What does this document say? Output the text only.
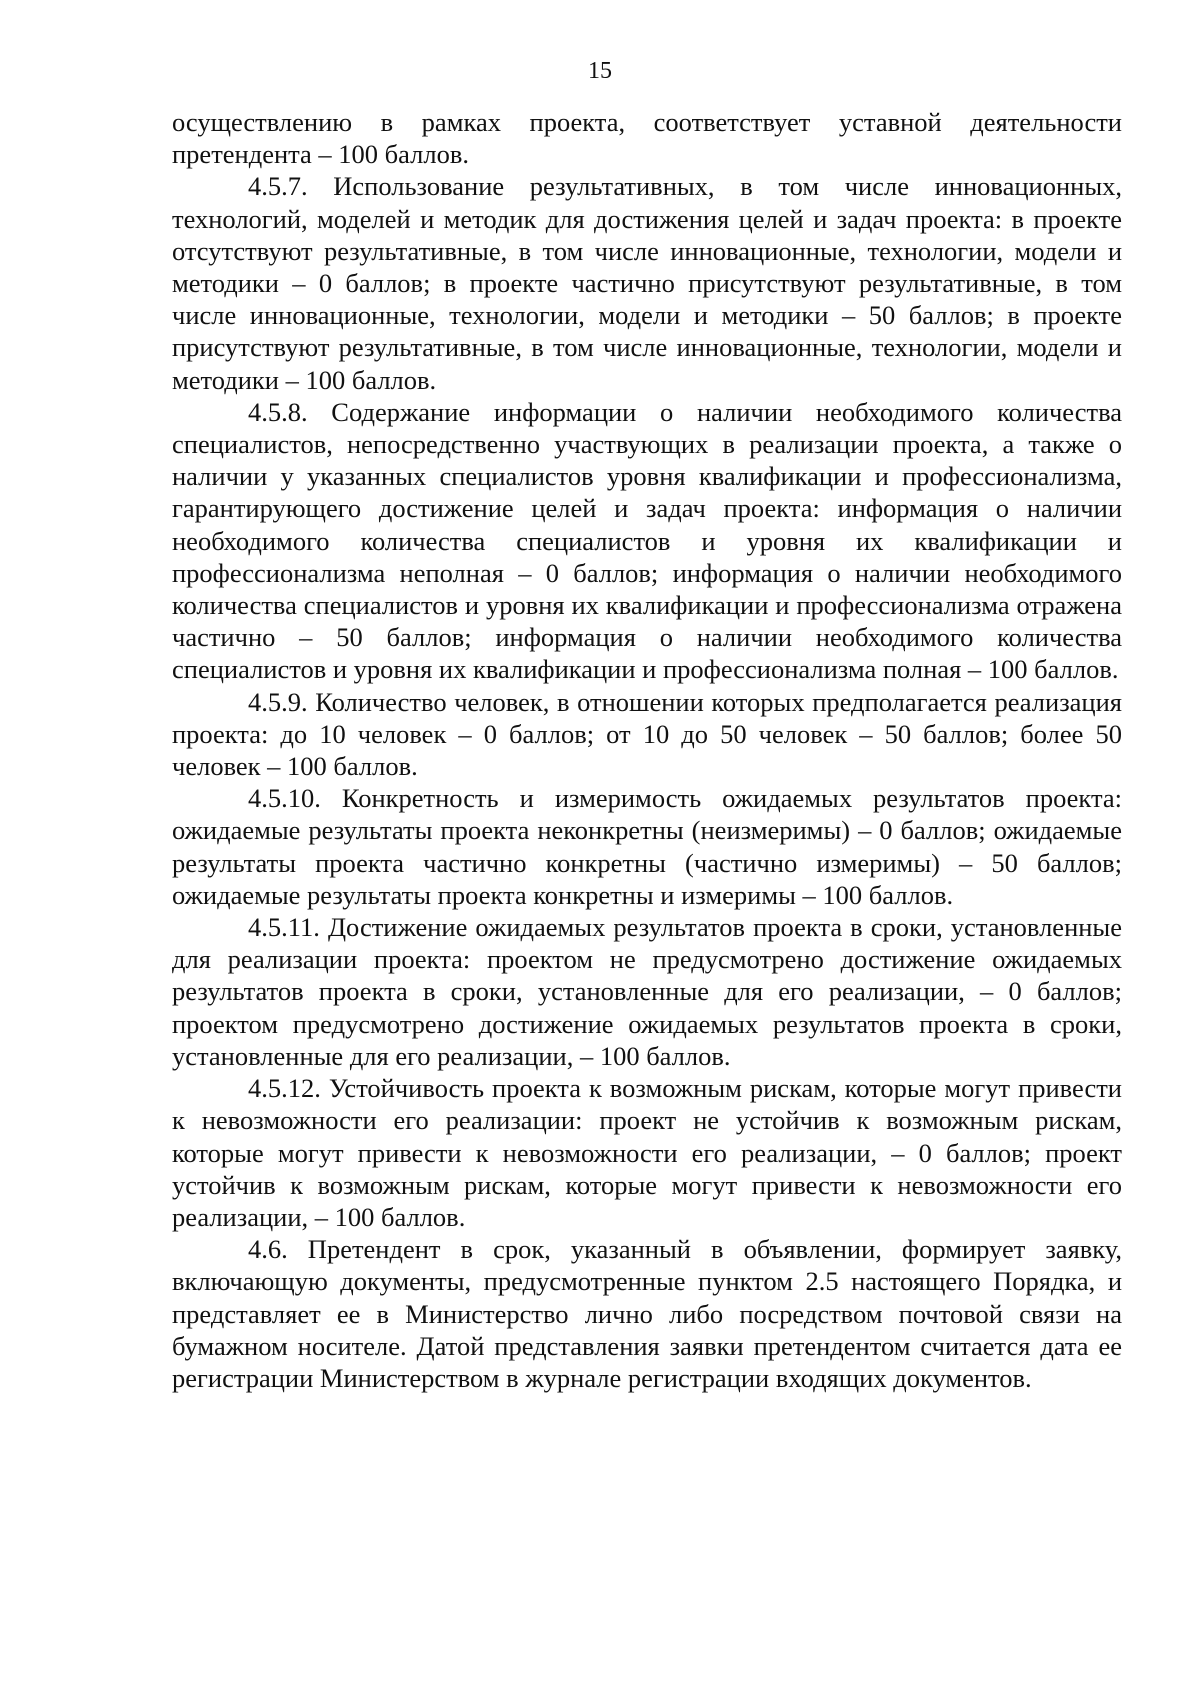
15

осуществлению в рамках проекта, соответствует уставной деятельности претендента – 100 баллов.

4.5.7. Использование результативных, в том числе инновационных, технологий, моделей и методик для достижения целей и задач проекта: в проекте отсутствуют результативные, в том числе инновационные, технологии, модели и методики – 0 баллов; в проекте частично присутствуют результативные, в том числе инновационные, технологии, модели и методики – 50 баллов; в проекте присутствуют результативные, в том числе инновационные, технологии, модели и методики – 100 баллов.

4.5.8. Содержание информации о наличии необходимого количества специалистов, непосредственно участвующих в реализации проекта, а также о наличии у указанных специалистов уровня квалификации и профессионализма, гарантирующего достижение целей и задач проекта: информация о наличии необходимого количества специалистов и уровня их квалификации и профессионализма неполная – 0 баллов; информация о наличии необходимого количества специалистов и уровня их квалификации и профессионализма отражена частично – 50 баллов; информация о наличии необходимого количества специалистов и уровня их квалификации и профессионализма полная – 100 баллов.

4.5.9. Количество человек, в отношении которых предполагается реализация проекта: до 10 человек – 0 баллов; от 10 до 50 человек – 50 баллов; более 50 человек – 100 баллов.

4.5.10. Конкретность и измеримость ожидаемых результатов проекта: ожидаемые результаты проекта неконкретны (неизмеримы) – 0 баллов; ожидаемые результаты проекта частично конкретны (частично измеримы) – 50 баллов; ожидаемые результаты проекта конкретны и измеримы – 100 баллов.

4.5.11. Достижение ожидаемых результатов проекта в сроки, установленные для реализации проекта: проектом не предусмотрено достижение ожидаемых результатов проекта в сроки, установленные для его реализации, – 0 баллов; проектом предусмотрено достижение ожидаемых результатов проекта в сроки, установленные для его реализации, – 100 баллов.

4.5.12. Устойчивость проекта к возможным рискам, которые могут привести к невозможности его реализации: проект не устойчив к возможным рискам, которые могут привести к невозможности его реализации, – 0 баллов; проект устойчив к возможным рискам, которые могут привести к невозможности его реализации, – 100 баллов.

4.6. Претендент в срок, указанный в объявлении, формирует заявку, включающую документы, предусмотренные пунктом 2.5 настоящего Порядка, и представляет ее в Министерство лично либо посредством почтовой связи на бумажном носителе. Датой представления заявки претендентом считается дата ее регистрации Министерством в журнале регистрации входящих документов.
